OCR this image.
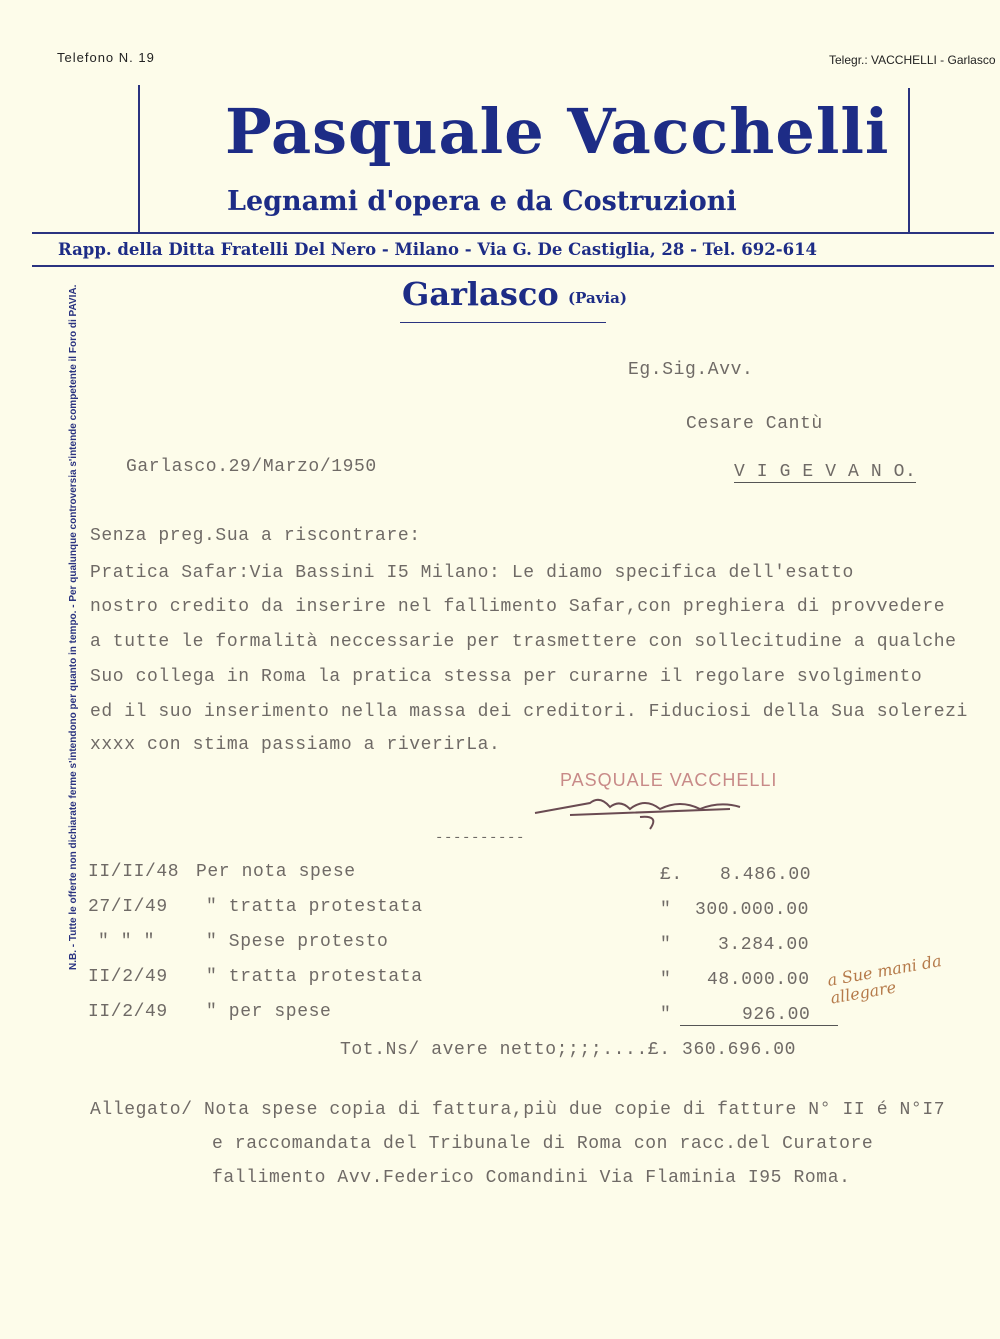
Telefono N. 19	Telegr.: VACCHELLI - Garlasco
Pasquale Vacchelli
Legnami d'opera e da Costruzioni
Rapp. della Ditta Fratelli Del Nero - Milano - Via G. De Castiglia, 28 - Tel. 692-614
Garlasco (Pavia)
N.B. - Tutte le offerte non dichiarate ferme s'intendono per quanto in tempo. - Per qualunque controversia s'intende competente il Foro di PAVIA.	Eg.Sig.Avv.
Cesare Cantù
V I G E V A N O.
Garlasco.29/Marzo/1950
Senza preg.Sua a riscontrare:
Pratica Safar:Via Bassini I5 Milano: Le diamo specifica dell'esatto
nostro credito da inserire nel fallimento Safar,con preghiera di provvedere
a tutte le formalità neccessarie per trasmettere con sollecitudine a qualche
Suo collega in Roma la pratica stessa per curarne il regolare svolgimento
ed il suo inserimento nella massa dei creditori. Fiduciosi della Sua solerezi
xxxx con stima passiamo a riverirLa.
PASQUALE VACCHELLI
----------
II/II/48 Per nota spese	£. 8.486.00
27/I/49 " tratta protestata	" 300.000.00
" " "	" Spese protesto	"	3.284.00
II/2/49 " tratta protestata	" 48.000.00
II/2/49 " per spese	"	926.00
Tot.Ns/ avere netto;;;;....£. 360.696.00
a Sue mani da allegare
Allegato/ Nota spese copia di fattura,più due copie di fatture N° II é N°I7
e raccomandata del Tribunale di Roma con racc.del Curatore
fallimento Avv.Federico Comandini Via Flaminia I95 Roma.
